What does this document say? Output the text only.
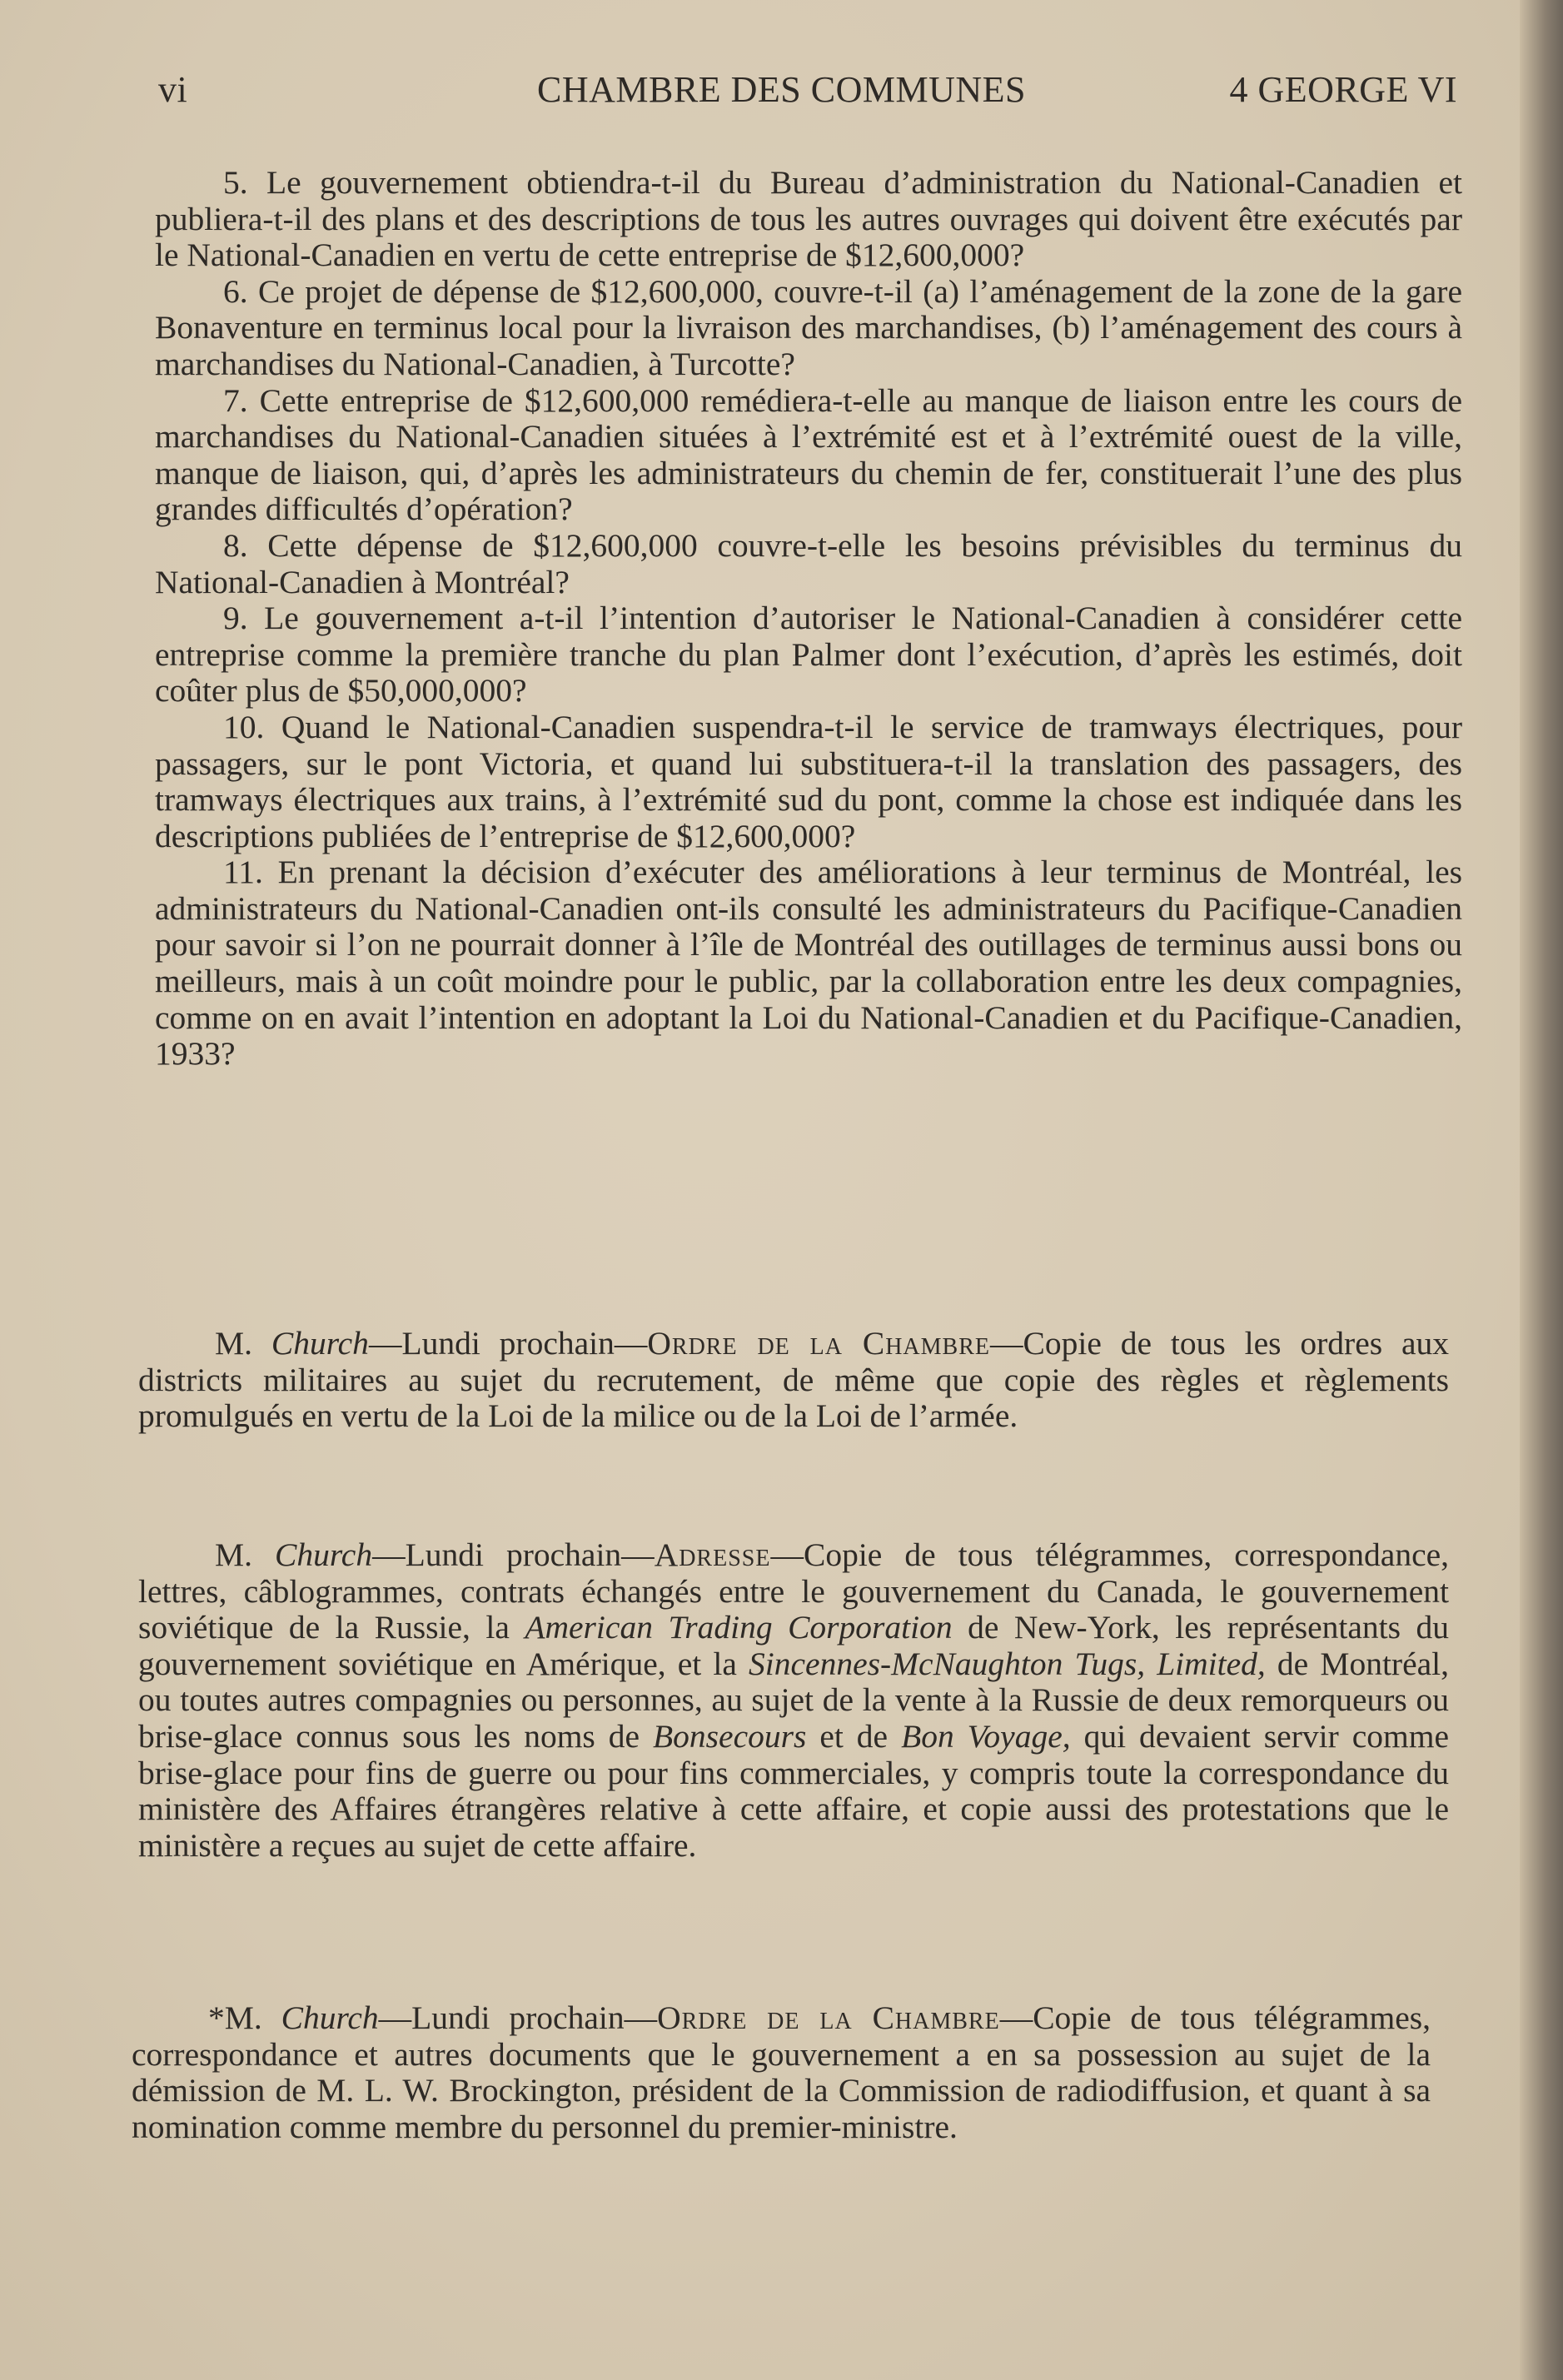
vi	CHAMBRE DES COMMUNES	4 GEORGE VI

5. Le gouvernement obtiendra-t-il du Bureau d’administration du National-Canadien et publiera-t-il des plans et des descriptions de tous les autres ouvrages qui doivent être exécutés par le National-Canadien en vertu de cette entreprise de $12,600,000?

6. Ce projet de dépense de $12,600,000, couvre-t-il (a) l’aménagement de la zone de la gare Bonaventure en terminus local pour la livraison des marchandises, (b) l’aménagement des cours à marchandises du National-Canadien, à Turcotte?

7. Cette entreprise de $12,600,000 remédiera-t-elle au manque de liaison entre les cours de marchandises du National-Canadien situées à l’extrémité est et à l’extrémité ouest de la ville, manque de liaison, qui, d’après les administrateurs du chemin de fer, constituerait l’une des plus grandes difficultés d’opération?

8. Cette dépense de $12,600,000 couvre-t-elle les besoins prévisibles du terminus du National-Canadien à Montréal?

9. Le gouvernement a-t-il l’intention d’autoriser le National-Canadien à considérer cette entreprise comme la première tranche du plan Palmer dont l’exécution, d’après les estimés, doit coûter plus de $50,000,000?

10. Quand le National-Canadien suspendra-t-il le service de tramways électriques, pour passagers, sur le pont Victoria, et quand lui substituera-t-il la translation des passagers, des tramways électriques aux trains, à l’extrémité sud du pont, comme la chose est indiquée dans les descriptions publiées de l’entreprise de $12,600,000?

11. En prenant la décision d’exécuter des améliorations à leur terminus de Montréal, les administrateurs du National-Canadien ont-ils consulté les administrateurs du Pacifique-Canadien pour savoir si l’on ne pourrait donner à l’île de Montréal des outillages de terminus aussi bons ou meilleurs, mais à un coût moindre pour le public, par la collaboration entre les deux compagnies, comme on en avait l’intention en adoptant la Loi du National-Canadien et du Pacifique-Canadien, 1933?

M. Church—Lundi prochain—Ordre de la Chambre—Copie de tous les ordres aux districts militaires au sujet du recrutement, de même que copie des règles et règlements promulgués en vertu de la Loi de la milice ou de la Loi de l’armée.

M. Church—Lundi prochain—Adresse—Copie de tous télégrammes, correspondance, lettres, câblogrammes, contrats échangés entre le gouvernement du Canada, le gouvernement soviétique de la Russie, la American Trading Corporation de New-York, les représentants du gouvernement soviétique en Amérique, et la Sincennes-McNaughton Tugs, Limited, de Montréal, ou toutes autres compagnies ou personnes, au sujet de la vente à la Russie de deux remorqueurs ou brise-glace connus sous les noms de Bonsecours et de Bon Voyage, qui devaient servir comme brise-glace pour fins de guerre ou pour fins commerciales, y compris toute la correspondance du ministère des Affaires étrangères relative à cette affaire, et copie aussi des protestations que le ministère a reçues au sujet de cette affaire.

*M. Church—Lundi prochain—Ordre de la Chambre—Copie de tous télégrammes, correspondance et autres documents que le gouvernement a en sa possession au sujet de la démission de M. L. W. Brockington, président de la Commission de radiodiffusion, et quant à sa nomination comme membre du personnel du premier-ministre.
